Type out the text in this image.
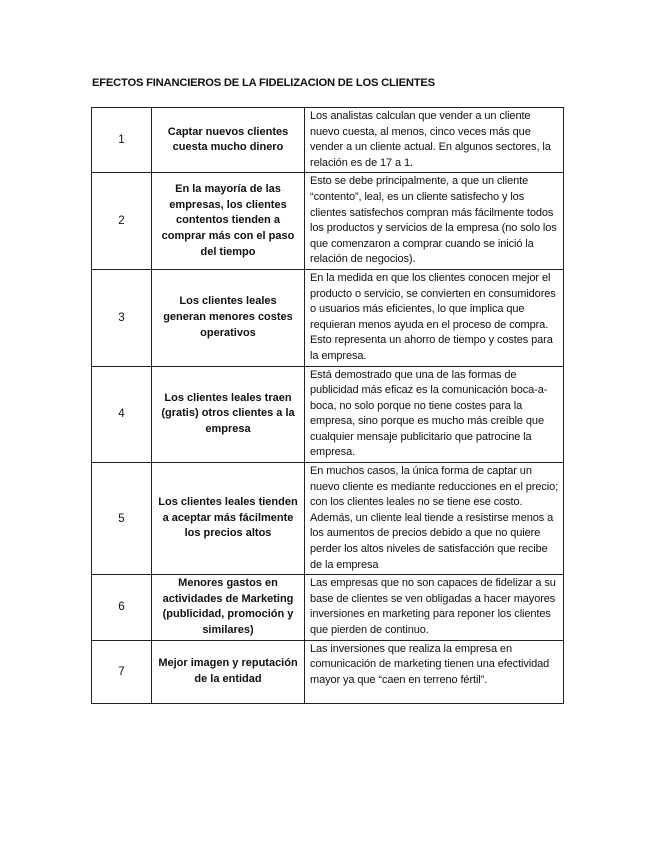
EFECTOS FINANCIEROS DE LA FIDELIZACION DE LOS CLIENTES
1	Captar nuevos clientes cuesta mucho dinero	Los analistas calculan que vender a un cliente nuevo cuesta, al menos, cinco veces más que vender a un cliente actual. En algunos sectores, la relación es de 17 a 1.
2	En la mayoría de las empresas, los clientes contentos tienden a comprar más con el paso del tiempo	Esto se debe principalmente, a que un cliente “contento”, leal, es un cliente satisfecho y los clientes satisfechos compran más fácilmente todos los productos y servicios de la empresa (no solo los que comenzaron a comprar cuando se inició la relación de negocios).
3	Los clientes leales generan menores costes operativos	En la medida en que los clientes conocen mejor el producto o servicio, se convierten en consumidores o usuarios más eficientes, lo que implica que requieran menos ayuda en el proceso de compra. Esto representa un ahorro de tiempo y costes para la empresa.
4	Los clientes leales traen (gratis) otros clientes a la empresa	Está demostrado que una de las formas de publicidad más eficaz es la comunicación boca-a-boca, no solo porque no tiene costes para la empresa, sino porque es mucho más creíble que cualquier mensaje publicitario que patrocine la empresa.
5	Los clientes leales tienden a aceptar más fácilmente los precios altos	En muchos casos, la única forma de captar un nuevo cliente es mediante reducciones en el precio; con los clientes leales no se tiene ese costo. Además, un cliente leal tiende a resistirse menos a los aumentos de precios debido a que no quiere perder los altos niveles de satisfacción que recibe de la empresa
6	Menores gastos en actividades de Marketing (publicidad, promoción y similares)	Las empresas que no son capaces de fidelizar a su base de clientes se ven obligadas a hacer mayores inversiones en marketing para reponer los clientes que pierden de continuo.
7	Mejor imagen y reputación de la entidad	Las inversiones que realiza la empresa en comunicación de marketing tienen una efectividad mayor ya que “caen en terreno fértil”.
